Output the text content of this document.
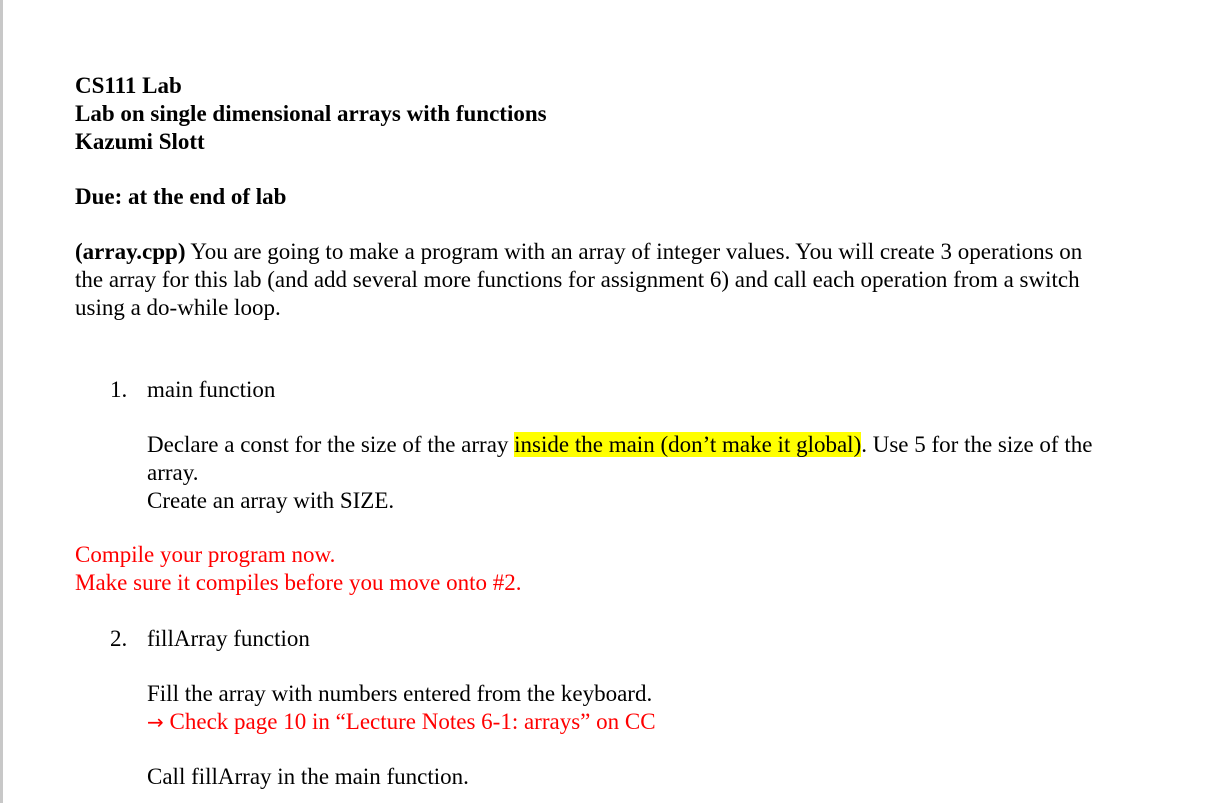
CS111 Lab
Lab on single dimensional arrays with functions
Kazumi Slott
Due: at the end of lab
(array.cpp) You are going to make a program with an array of integer values. You will create 3 operations on
the array for this lab (and add several more functions for assignment 6) and call each operation from a switch
using a do-while loop.
1. main function
Declare a const for the size of the array inside the main (don’t make it global). Use 5 for the size of the
array.
Create an array with SIZE.
Compile your program now.
Make sure it compiles before you move onto #2.
2. fillArray function
Fill the array with numbers entered from the keyboard.
→ Check page 10 in “Lecture Notes 6-1: arrays” on CC
Call fillArray in the main function.
